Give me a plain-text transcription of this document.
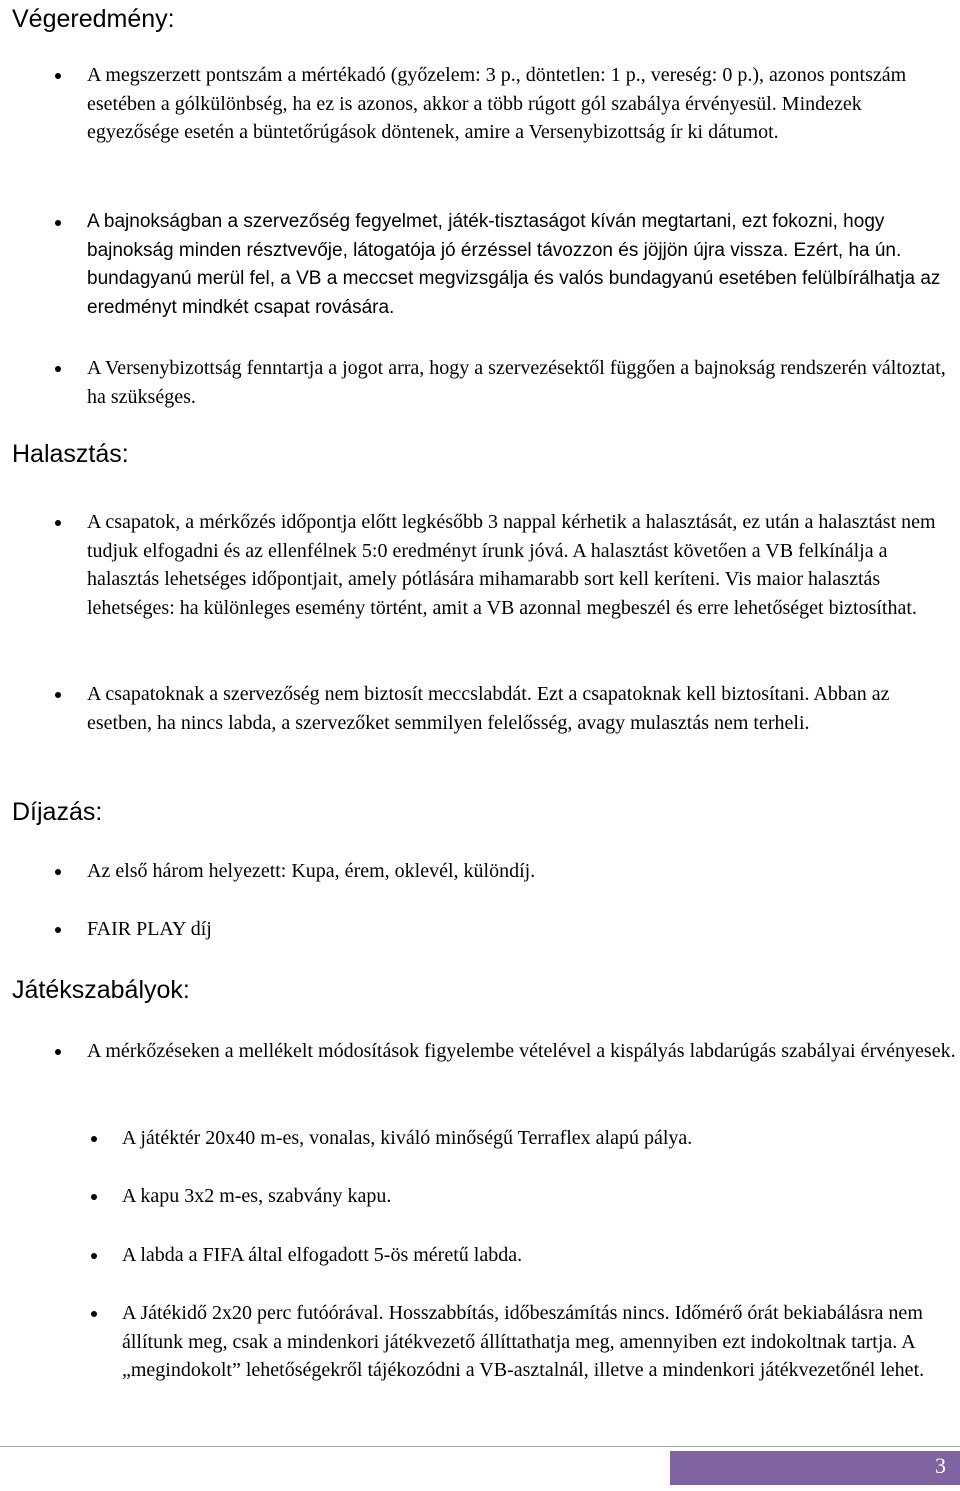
Végeredmény:
A megszerzett pontszám a mértékadó (győzelem: 3 p., döntetlen: 1 p., vereség: 0 p.), azonos pontszám esetében a gólkülönbség, ha ez is azonos, akkor a több rúgott gól szabálya érvényesül. Mindezek egyezősége esetén a büntetőrúgások döntenek, amire a Versenybizottság ír ki dátumot.
A bajnokságban a szervezőség fegyelmet, játék-tisztaságot kíván megtartani, ezt fokozni, hogy bajnokság minden résztvevője, látogatója jó érzéssel távozzon és jöjjön újra vissza. Ezért, ha ún. bundagyanú merül fel, a VB a meccset megvizsgálja és valós bundagyanú esetében felülbírálhatja az eredményt mindkét csapat rovására.
A Versenybizottság fenntartja a jogot arra, hogy a szervezésektől függően a bajnokság rendszerén változtat, ha szükséges.
Halasztás:
A csapatok, a mérkőzés időpontja előtt legkésőbb 3 nappal kérhetik a halasztását, ez után a halasztást nem tudjuk elfogadni és az ellenfélnek 5:0 eredményt írunk jóvá. A halasztást követően a VB felkínálja a halasztás lehetséges időpontjait, amely pótlására mihamarabb sort kell keríteni. Vis maior halasztás lehetséges: ha különleges esemény történt, amit a VB azonnal megbeszél és erre lehetőséget biztosíthat.
A csapatoknak a szervezőség nem biztosít meccslabdát. Ezt a csapatoknak kell biztosítani. Abban az esetben, ha nincs labda, a szervezőket semmilyen felelősség, avagy mulasztás nem terheli.
Díjazás:
Az első három helyezett: Kupa, érem, oklevél, különdíj.
FAIR PLAY díj
Játékszabályok:
A mérkőzéseken a mellékelt módosítások figyelembe vételével a kispályás labdarúgás szabályai érvényesek.
A játéktér 20x40 m-es, vonalas, kiváló minőségű Terraflex alapú pálya.
A kapu 3x2 m-es, szabvány kapu.
A labda a FIFA által elfogadott 5-ös méretű labda.
A Játékidő 2x20 perc futóórával. Hosszabbítás, időbeszámítás nincs. Időmérő órát bekiabálásra nem állítunk meg, csak a mindenkori játékvezető állíttathatja meg, amennyiben ezt indokoltnak tartja. A „megindokolt” lehetőségekről tájékozódni a VB-asztalnál, illetve a mindenkori játékvezetőnél lehet.
3
